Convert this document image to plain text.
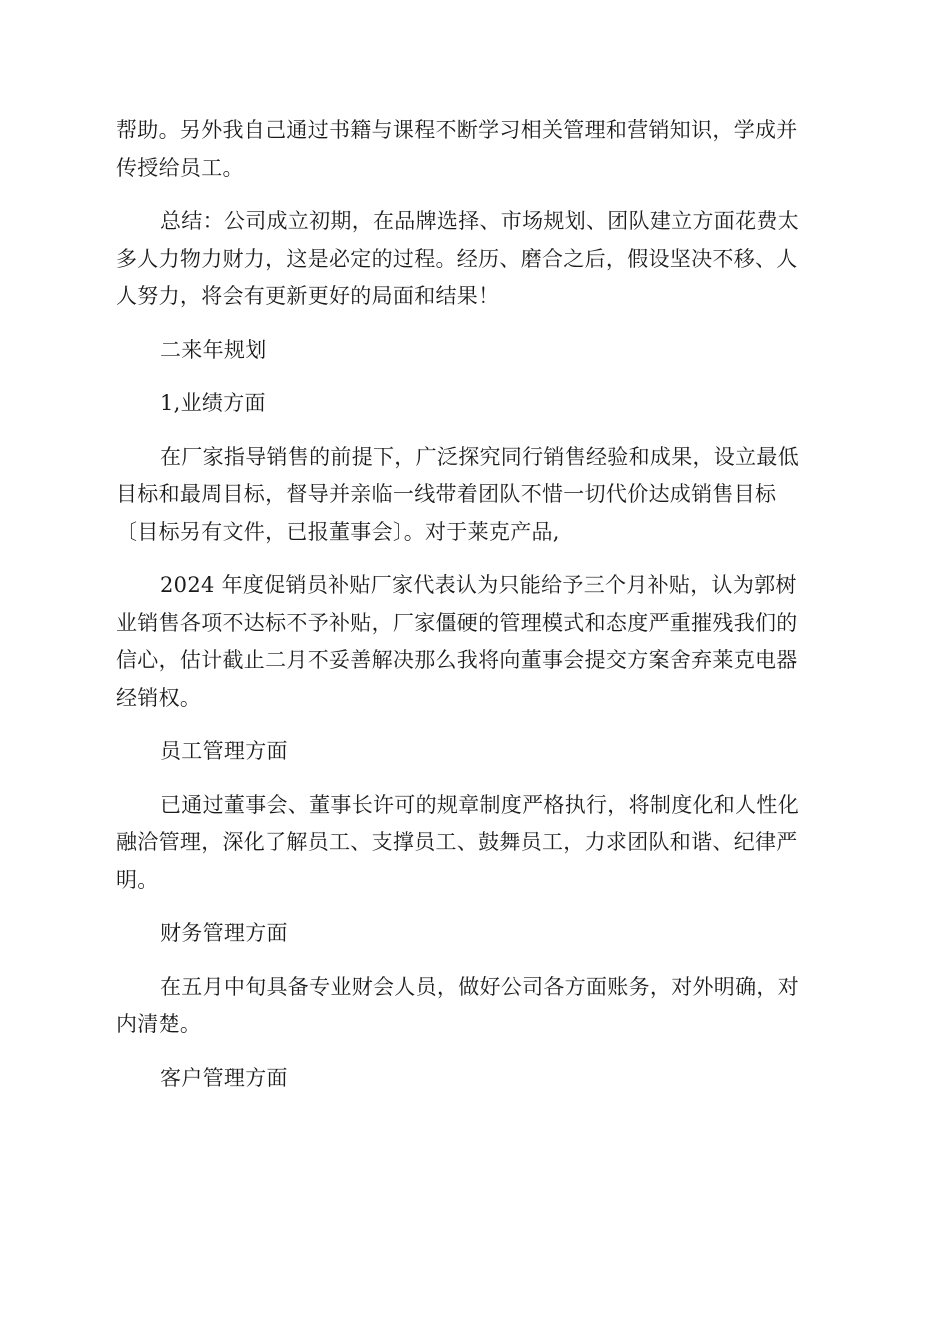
帮助。另外我自己通过书籍与课程不断学习相关管理和营销知识，学成并
传授给员工。

总结：公司成立初期，在品牌选择、市场规划、团队建立方面花费太
多人力物力财力，这是必定的过程。经历、磨合之后，假设坚决不移、人
人努力，将会有更新更好的局面和结果！

二来年规划

1,业绩方面

在厂家指导销售的前提下，广泛探究同行销售经验和成果，设立最低
目标和最周目标，督导并亲临一线带着团队不惜一切代价达成销售目标
〔目标另有文件，已报董事会〕。对于莱克产品,

2024 年度促销员补贴厂家代表认为只能给予三个月补贴，认为郭树
业销售各项不达标不予补贴，厂家僵硬的管理模式和态度严重摧残我们的
信心，估计截止二月不妥善解决那么我将向董事会提交方案舍弃莱克电器
经销权。

员工管理方面

已通过董事会、董事长许可的规章制度严格执行，将制度化和人性化
融洽管理，深化了解员工、支撑员工、鼓舞员工，力求团队和谐、纪律严
明。

财务管理方面

在五月中旬具备专业财会人员，做好公司各方面账务，对外明确，对
内清楚。

客户管理方面
